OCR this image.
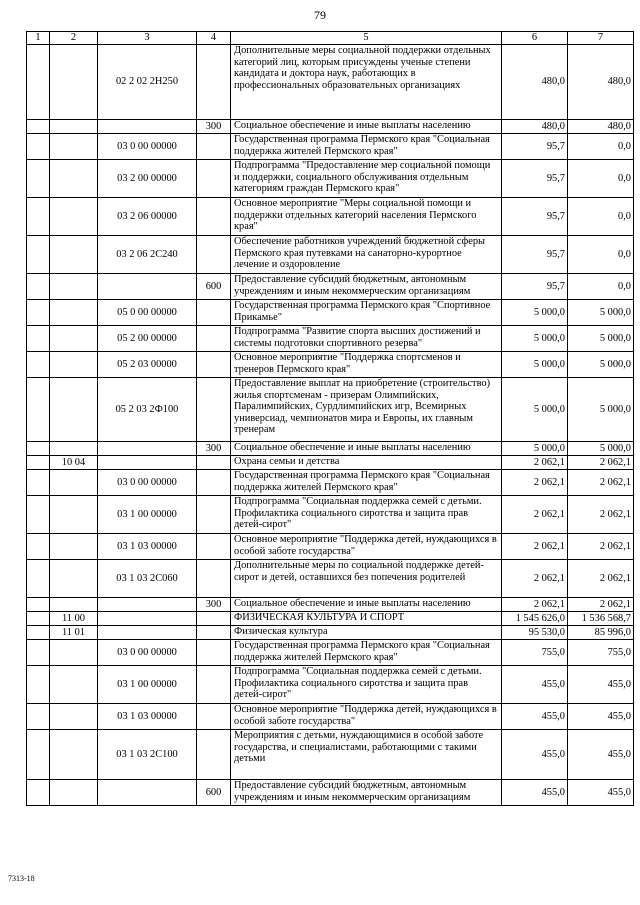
79
1	2	3	4	5	6	7
		02 2 02 2Н250		Дополнительные меры социальной поддержки отдельных категорий лиц, которым присуждены ученые степени кандидата и доктора наук, работающих в профессиональных образовательных организациях	480,0	480,0
			300	Социальное обеспечение и иные выплаты населению	480,0	480,0
		03 0 00 00000		Государственная программа Пермского края "Социальная поддержка жителей Пермского края"	95,7	0,0
		03 2 00 00000		Подпрограмма "Предоставление мер социальной помощи и поддержки, социального обслуживания отдельным категориям граждан Пермского края"	95,7	0,0
		03 2 06 00000		Основное мероприятие "Меры социальной помощи и поддержки отдельных категорий населения Пермского края"	95,7	0,0
		03 2 06 2С240		Обеспечение работников учреждений бюджетной сферы Пермского края путевками на санаторно-курортное лечение и оздоровление	95,7	0,0
			600	Предоставление субсидий бюджетным, автономным учреждениям и иным некоммерческим организациям	95,7	0,0
		05 0 00 00000		Государственная программа Пермского края "Спортивное Прикамье"	5 000,0	5 000,0
		05 2 00 00000		Подпрограмма "Развитие спорта высших достижений и системы подготовки спортивного резерва"	5 000,0	5 000,0
		05 2 03 00000		Основное мероприятие "Поддержка спортсменов и тренеров Пермского края"	5 000,0	5 000,0
		05 2 03 2Ф100		Предоставление выплат на приобретение (строительство) жилья спортсменам - призерам Олимпийских, Паралимпийских, Сурдлимпийских игр, Всемирных универсиад, чемпионатов мира и Европы, их главным тренерам	5 000,0	5 000,0
			300	Социальное обеспечение и иные выплаты населению	5 000,0	5 000,0
	10 04			Охрана семьи и детства	2 062,1	2 062,1
		03 0 00 00000		Государственная программа Пермского края "Социальная поддержка жителей Пермского края"	2 062,1	2 062,1
		03 1 00 00000		Подпрограмма "Социальная поддержка семей с детьми. Профилактика социального сиротства и защита прав детей-сирот"	2 062,1	2 062,1
		03 1 03 00000		Основное мероприятие "Поддержка детей, нуждающихся в особой заботе государства"	2 062,1	2 062,1
		03 1 03 2С060		Дополнительные меры по социальной поддержке детей-сирот и детей, оставшихся без попечения родителей	2 062,1	2 062,1
			300	Социальное обеспечение и иные выплаты населению	2 062,1	2 062,1
	11 00			ФИЗИЧЕСКАЯ КУЛЬТУРА И СПОРТ	1 545 626,0	1 536 568,7
	11 01			Физическая культура	95 530,0	85 996,0
		03 0 00 00000		Государственная программа Пермского края "Социальная поддержка жителей Пермского края"	755,0	755,0
		03 1 00 00000		Подпрограмма "Социальная поддержка семей с детьми. Профилактика социального сиротства и защита прав детей-сирот"	455,0	455,0
		03 1 03 00000		Основное мероприятие "Поддержка детей, нуждающихся в особой заботе государства"	455,0	455,0
		03 1 03 2С100		Мероприятия с детьми, нуждающимися в особой заботе государства, и специалистами, работающими с такими детьми	455,0	455,0
			600	Предоставление субсидий бюджетным, автономным учреждениям и иным некоммерческим организациям	455,0	455,0
7313-18
